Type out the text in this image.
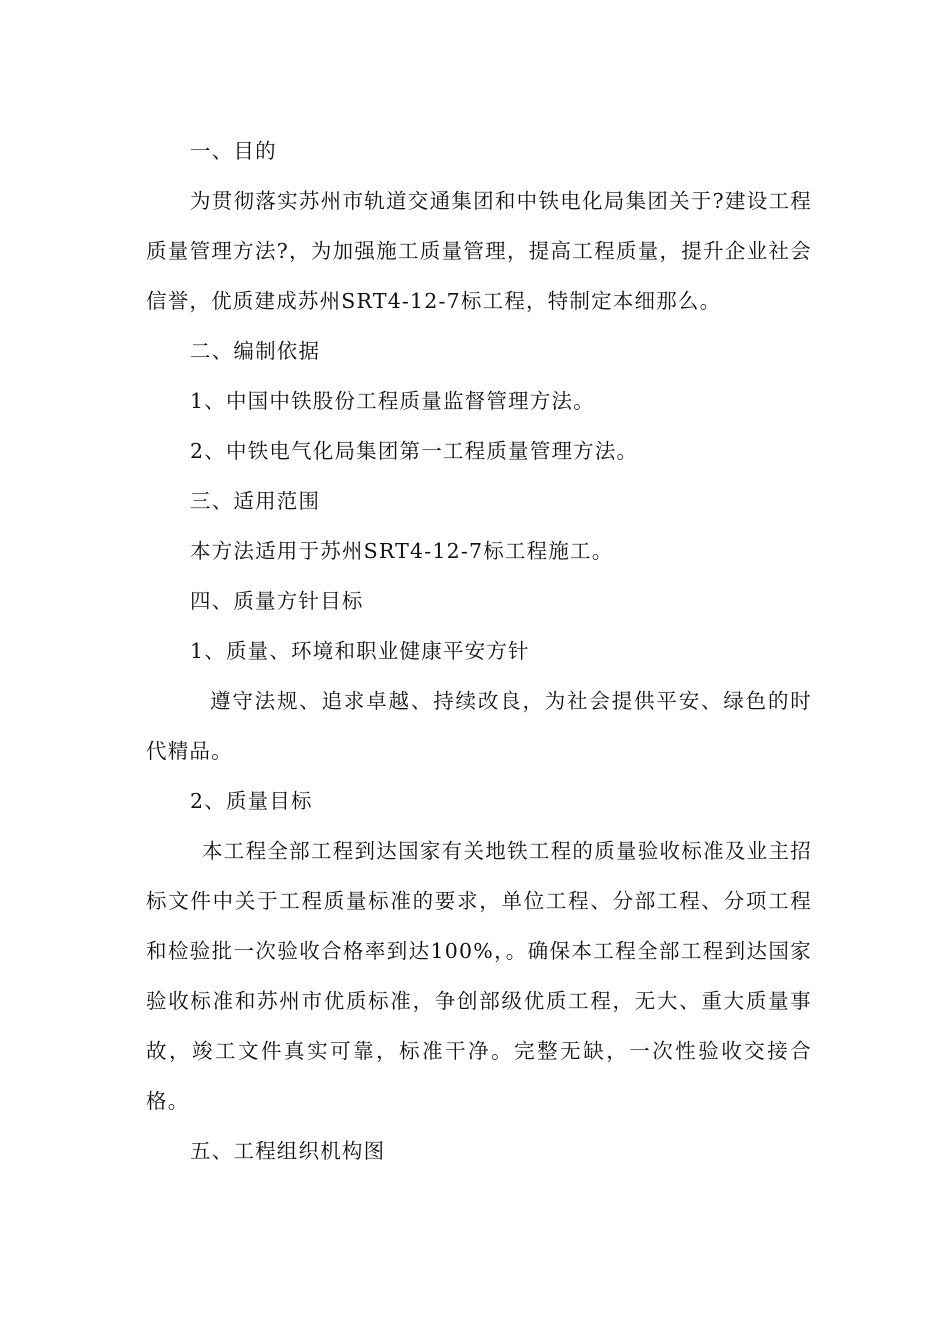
一、目的

为贯彻落实苏州市轨道交通集团和中铁电化局集团关于?建设工程质量管理方法?，为加强施工质量管理，提高工程质量，提升企业社会信誉，优质建成苏州SRT4-12-7标工程，特制定本细那么。

二、编制依据

1、中国中铁股份工程质量监督管理方法。

2、中铁电气化局集团第一工程质量管理方法。

三、适用范围

本方法适用于苏州SRT4-12-7标工程施工。

四、质量方针目标

1、质量、环境和职业健康平安方针

遵守法规、追求卓越、持续改良，为社会提供平安、绿色的时代精品。

2、质量目标

本工程全部工程到达国家有关地铁工程的质量验收标准及业主招标文件中关于工程质量标准的要求，单位工程、分部工程、分项工程和检验批一次验收合格率到达100%，。确保本工程全部工程到达国家验收标准和苏州市优质标准，争创部级优质工程，无大、重大质量事故，竣工文件真实可靠，标准干净。完整无缺，一次性验收交接合格。

五、工程组织机构图
